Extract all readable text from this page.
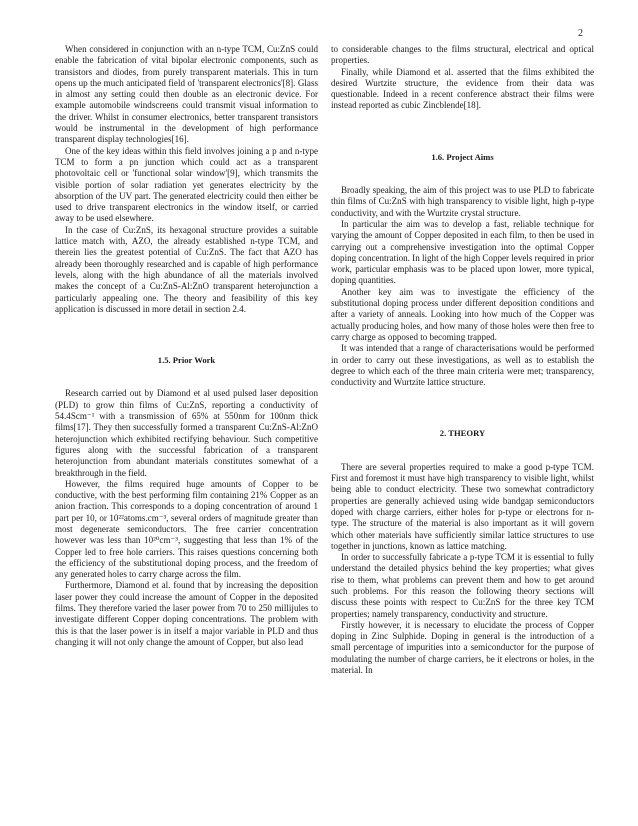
2

When considered in conjunction with an n-type TCM, Cu:ZnS could enable the fabrication of vital bipolar electronic components, such as transistors and diodes, from purely transparent materials. This in turn opens up the much anticipated field of 'transparent electronics'[8]. Glass in almost any setting could then double as an electronic device. For example automobile windscreens could transmit visual information to the driver. Whilst in consumer electronics, better transparent transistors would be instrumental in the development of high performance transparent display technologies[16].

One of the key ideas within this field involves joining a p and n-type TCM to form a pn junction which could act as a transparent photovoltaic cell or 'functional solar window'[9], which transmits the visible portion of solar radiation yet generates electricity by the absorption of the UV part. The generated electricity could then either be used to drive transparent electronics in the window itself, or carried away to be used elsewhere.

In the case of Cu:ZnS, its hexagonal structure provides a suitable lattice match with, AZO, the already established n-type TCM, and therein lies the greatest potential of Cu:ZnS. The fact that AZO has already been thoroughly researched and is capable of high performance levels, along with the high abundance of all the materials involved makes the concept of a Cu:ZnS-Al:ZnO transparent heterojunction a particularly appealing one. The theory and feasibility of this key application is discussed in more detail in section 2.4.

1.5. Prior Work

Research carried out by Diamond et al used pulsed laser deposition (PLD) to grow thin films of Cu:ZnS, reporting a conductivity of 54.4Scm⁻¹ with a transmission of 65% at 550nm for 100nm thick films[17]. They then successfully formed a transparent Cu:ZnS-Al:ZnO heterojunction which exhibited rectifying behaviour. Such competitive figures along with the successful fabrication of a transparent heterojunction from abundant materials constitutes somewhat of a breakthrough in the field.

However, the films required huge amounts of Copper to be conductive, with the best performing film containing 21% Copper as an anion fraction. This corresponds to a doping concentration of around 1 part per 10, or 10²²atoms.cm⁻³, several orders of magnitude greater than most degenerate semiconductors. The free carrier concentration however was less than 10²⁰cm⁻³, suggesting that less than 1% of the Copper led to free hole carriers. This raises questions concerning both the efficiency of the substitutional doping process, and the freedom of any generated holes to carry charge across the film.

Furthermore, Diamond et al. found that by increasing the deposition laser power they could increase the amount of Copper in the deposited films. They therefore varied the laser power from 70 to 250 millijules to investigate different Copper doping concentrations. The problem with this is that the laser power is in itself a major variable in PLD and thus changing it will not only change the amount of Copper, but also lead

to considerable changes to the films structural, electrical and optical properties.

Finally, while Diamond et al. asserted that the films exhibited the desired Wurtzite structure, the evidence from their data was questionable. Indeed in a recent conference abstract their films were instead reported as cubic Zincblende[18].

1.6. Project Aims

Broadly speaking, the aim of this project was to use PLD to fabricate thin films of Cu:ZnS with high transparency to visible light, high p-type conductivity, and with the Wurtzite crystal structure.

In particular the aim was to develop a fast, reliable technique for varying the amount of Copper deposited in each film, to then be used in carrying out a comprehensive investigation into the optimal Copper doping concentration. In light of the high Copper levels required in prior work, particular emphasis was to be placed upon lower, more typical, doping quantities.

Another key aim was to investigate the efficiency of the substitutional doping process under different deposition conditions and after a variety of anneals. Looking into how much of the Copper was actually producing holes, and how many of those holes were then free to carry charge as opposed to becoming trapped.

It was intended that a range of characterisations would be performed in order to carry out these investigations, as well as to establish the degree to which each of the three main criteria were met; transparency, conductivity and Wurtzite lattice structure.

2. THEORY

There are several properties required to make a good p-type TCM. First and foremost it must have high transparency to visible light, whilst being able to conduct electricity. These two somewhat contradictory properties are generally achieved using wide bandgap semiconductors doped with charge carriers, either holes for p-type or electrons for n-type. The structure of the material is also important as it will govern which other materials have sufficiently similar lattice structures to use together in junctions, known as lattice matching.

In order to successfully fabricate a p-type TCM it is essential to fully understand the detailed physics behind the key properties; what gives rise to them, what problems can prevent them and how to get around such problems. For this reason the following theory sections will discuss these points with respect to Cu:ZnS for the three key TCM properties; namely transparency, conductivity and structure.

Firstly however, it is necessary to elucidate the process of Copper doping in Zinc Sulphide. Doping in general is the introduction of a small percentage of impurities into a semiconductor for the purpose of modulating the number of charge carriers, be it electrons or holes, in the material. In
